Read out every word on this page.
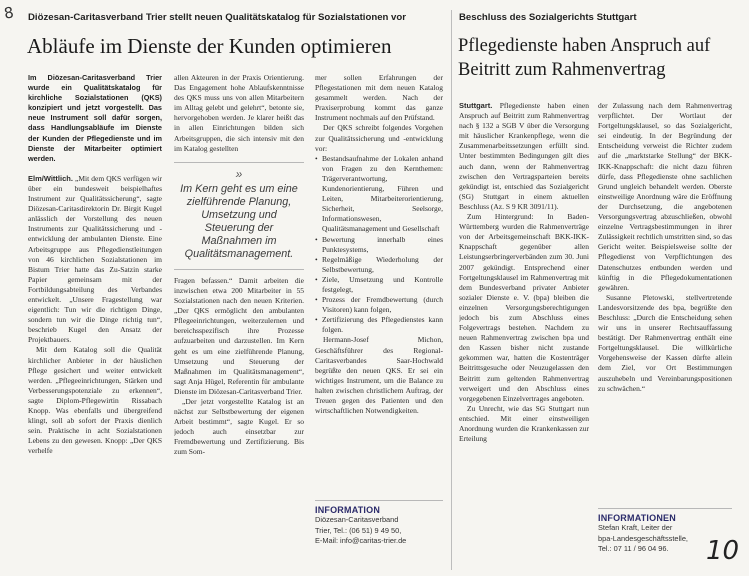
8
10
Diözesan-Caritasverband Trier stellt neuen Qualitätskatalog für Sozialstationen vor
Abläufe im Dienste der Kunden optimieren

Im Diözesan-Caritasverband Trier wurde ein Qualitätskatalog für kirchliche Sozialstationen (QKS) konzipiert und jetzt vorgestellt. Das neue Instrument soll dafür sorgen, dass Handlungsabläufe im Dienste der Kunden der Pflegedienste und im Dienste der Mitarbeiter optimiert werden.

Elm/Wittlich. „Mit dem QKS verfügen wir über ein bundesweit beispielhaftes Instrument zur Qualitätssicherung“, sagte Diözesan-Caritasdirektorin Dr. Birgit Kugel anlässlich der Vorstellung des neuen Instruments zur Qualitätssicherung und -entwicklung der ambulanten Dienste. Eine Arbeitsgruppe aus Pflegedienstleitungen von 46 kirchlichen Sozialstationen im Bistum Trier hatte das Zu-Satzin starke Papier gemeinsam mit der Fortbildungsabteilung des Verbandes entwickelt. „Unsere Fragestellung war eigentlich: Tun wir die richtigen Dinge, sondern tun wir die Dinge richtig tun“, beschrieb Kugel den Ansatz der Projektbauers.

Mit dem Katalog soll die Qualität kirchlicher Anbieter in der häuslichen Pflege gesichert und weiter entwickelt werden. „Pflegeeinrichtungen, Stärken und Verbesserungspotenziale zu erkennen“, sagte Diplom-Pflegewirtin Rissabach Knopp. Was ebenfalls und übergreifend klingt, soll ab sofort der Praxis dienlich sein. Praktische in acht Sozialstationen Lebens zu den gewesen. Knopp: „Der QKS verhelfe

allen Akteuren in der Praxis Orientierung. Das Engagement hohe Ablaufskenntnisse des QKS muss uns von allen Mitarbeitern im Alltag gelebt und gelehrt“, betonte sie, hervorgehoben werden. Je klarer heißt das in allen Einrichtungen bilden sich Arbeitsgruppen, die sich intensiv mit den im Katalog gestellten

»
Im Kern geht es um eine zielführende Planung, Umsetzung und Steuerung der Maßnahmen im Qualitätsmanagement.

Fragen befassen.“ Damit arbeiten die inzwischen etwa 200 Mitarbeiter in 55 Sozialstationen nach den neuen Kriterien. „Der QKS ermöglicht den ambulanten Pflegeeinrichtungen, weiterzulernen und bereichsspezifisch ihre Prozesse aufzuarbeiten und darzustellen. Im Kern geht es um eine zielführende Planung, Umsetzung und Steuerung der Maßnahmen im Qualitätsmanagement“, sagt Anja Hügel, Referentin für ambulante Dienste im Diözesan-Caritasverband Trier.

„Der jetzt vorgestellte Katalog ist an nächst zur Selbstbewertung der eigenen Arbeit bestimmt“, sagte Kugel. Er so jedoch auch einsetzbar zur Fremdbewertung und Zertifizierung. Bis zum Som-

mer sollen Erfahrungen der Pflegestationen mit dem neuen Katalog gesammelt werden. Nach der Praxiserprobung kommt das ganze Instrument nochmals auf den Prüfstand.

Der QKS schreibt folgendes Vorgehen zur Qualitätssicherung und -entwicklung vor:

• Bestandsaufnahme der Lokalen anhand von Fragen zu den Kernthemen: Trägerverantwortung, Kundenorientierung, Führen und Leiten, Mitarbeiterorientierung, Sicherheit, Seelsorge, Informationswesen, Qualitätsmanagement und Gesellschaft
• Bewertung innerhalb eines Punktesystems,
• Regelmäßige Wiederholung der Selbstbewertung,
• Ziele, Umsetzung und Kontrolle festgelegt,
• Prozess der Fremdbewertung (durch Visitoren) kann folgen,
• Zertifizierung des Pflegedienstes kann folgen.

Hermann-Josef Michon, Geschäftsführer des Regional-Caritasverbandes Saar-Hochwald begrüßte den neuen QKS. Er sei ein wichtiges Instrument, um die Balance zu halten zwischen christlichem Auftrag, der Treuen gegen des Patienten und den wirtschaftlichen Notwendigkeiten.

INFORMATION
Diözesan-Caritasverband
Trier, Tel.: (06 51) 9 49 50,
E-Mail: info@caritas-trier.de
Beschluss des Sozialgerichts Stuttgart
Pflegedienste haben Anspruch auf
Beitritt zum Rahmenvertrag

Stuttgart. Pflegedienste haben einen Anspruch auf Beitritt zum Rahmenvertrag nach § 132 a SGB V über die Versorgung mit häuslicher Krankenpflege, wenn die Zusammenarbeitssetzungen erfüllt sind. Unter bestimmten Bedingungen gilt dies auch dann, wenn der Rahmenvertrag zwischen den Vertragsparteien bereits gekündigt ist, entschied das Sozialgericht (SG) Stuttgart in einem aktuellen Beschluss (Az. S 9 KR 3091/11).

Zum Hintergrund: In Baden-Württemberg wurden die Rahmenverträge von der Arbeitsgemeinschaft BKK-IKK-Knappschaft gegenüber allen Leistungserbringerverbänden zum 30. Juni 2007 gekündigt. Entsprechend einer Fortgeltungsklausel im Rahmenvertrag mit dem Bundesverband privater Anbieter sozialer Dienste e. V. (bpa) bleiben die einzelnen Versorgungsberechtigungen jedoch bis zum Abschluss eines Folgevertrags bestehen. Nachdem zu neuen Rahmenvertrag zwischen bpa und den Kassen bisher nicht zustande gekommen war, hatten die Kostenträger Beitrittsgesuche oder Neuzugelassen den Beitritt zum geltenden Rahmenvertrag verweigert und den Abschluss eines vorgegebenen Einzelvertrages angeboten.

Zu Unrecht, wie das SG Stuttgart nun entschied. Mit einer einstweiligen Anordnung wurden die Krankenkassen zur Erteilung

der Zulassung nach dem Rahmenvertrag verpflichtet. Der Wortlaut der Fortgeltungsklausel, so das Sozialgericht, sei eindeutig. In der Begründung der Entscheidung verweist die Richter zudem auf die „marktstarke Stellung“ der BKK-IKK-Knappschaft: die nicht dazu führen dürfe, dass Pflegedienste ohne sachlichen Grund ungleich behandelt werden. Oberste einstweilige Anordnung wäre die Eröffnung der Durchsetzung, die angebotenen Versorgungsvertrag abzuschließen, obwohl einzelne Vertragsbestimmungen in ihrer Zulässigkeit rechtlich umstritten sind, so das Gericht weiter. Beispielsweise sollte der Pflegedienst von Verpflichtungen des Datenschutzes entbunden werden und künftig in die Pflegedokumentationen gewähren.

Susanne Pletowski, stellvertretende Landesvorsitzende des bpa, begrüßte den Beschluss: „Durch die Entscheidung sehen wir uns in unserer Rechtsauffassung bestätigt. Der Rahmenvertrag enthält eine Fortgeltungsklausel. Die willkürliche Vorgehensweise der Kassen dürfte allein dem Ziel, vor Ort Bestimmungen auszuhebeln und Vereinbarungspositionen zu schwächen.“

INFORMATIONEN
Stefan Kraft, Leiter der
bpa-Landesgeschäftsstelle,
Tel.: 07 11 / 96 04 96.
